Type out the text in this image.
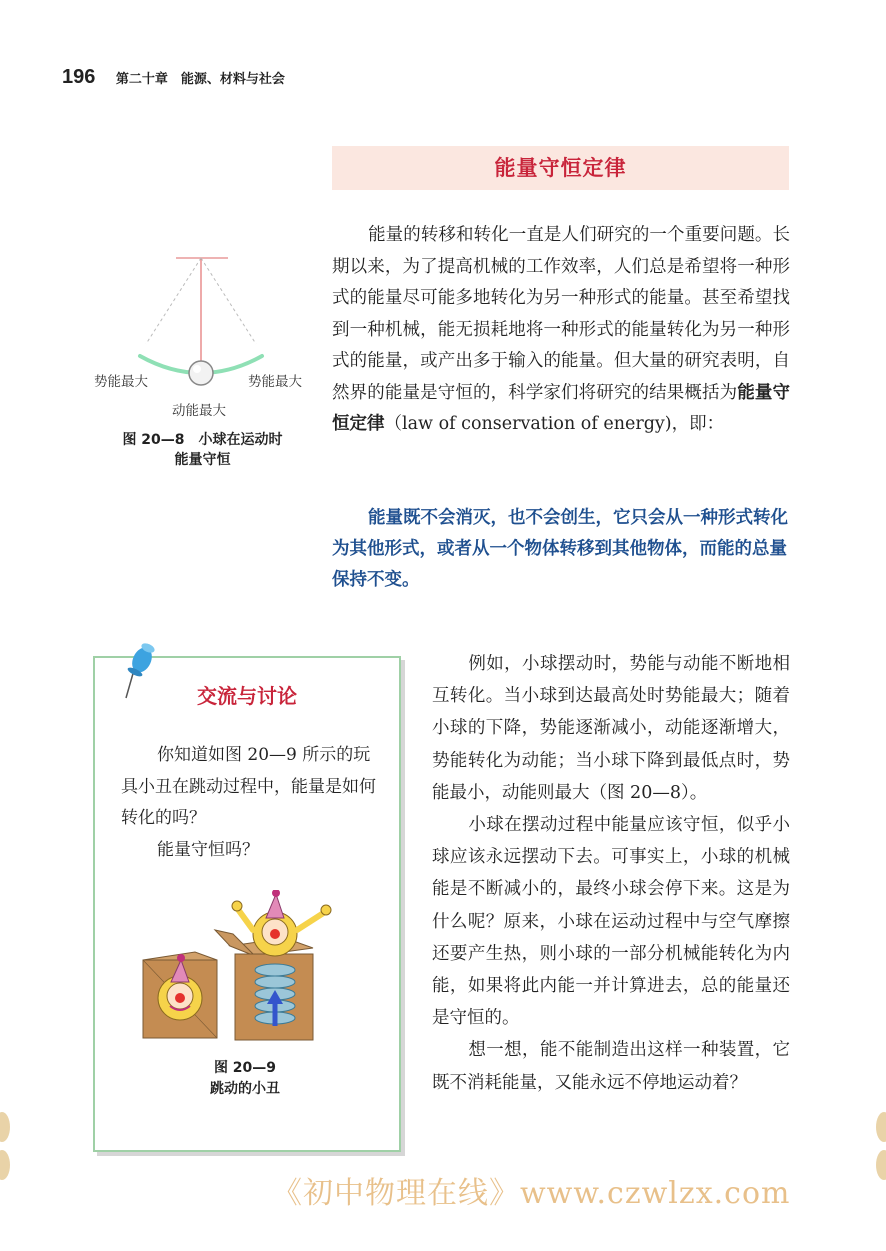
196 第二十章　能源、材料与社会
能量守恒定律
能量的转移和转化一直是人们研究的一个重要问题。长期以来，为了提高机械的工作效率，人们总是希望将一种形式的能量尽可能多地转化为另一种形式的能量。甚至希望找到一种机械，能无损耗地将一种形式的能量转化为另一种形式的能量，或产出多于输入的能量。但大量的研究表明，自然界的能量是守恒的，科学家们将研究的结果概括为能量守恒定律（law of conservation of energy)，即：
能量既不会消灭，也不会创生，它只会从一种形式转化为其他形式，或者从一个物体转移到其他物体，而能的总量保持不变。
势能最大	势能最大
动能最大
图 20—8　小球在运动时
能量守恒
交流与讨论
你知道如图 20—9 所示的玩具小丑在跳动过程中，能量是如何转化的吗？
能量守恒吗？
图 20—9
跳动的小丑

例如，小球摆动时，势能与动能不断地相互转化。当小球到达最高处时势能最大；随着小球的下降，势能逐渐减小，动能逐渐增大，势能转化为动能；当小球下降到最低点时，势能最小，动能则最大（图 20—8）。

小球在摆动过程中能量应该守恒，似乎小球应该永远摆动下去。可事实上，小球的机械能是不断减小的，最终小球会停下来。这是为什么呢？原来，小球在运动过程中与空气摩擦还要产生热，则小球的一部分机械能转化为内能，如果将此内能一并计算进去，总的能量还是守恒的。

想一想，能不能制造出这样一种装置，它既不消耗能量，又能永远不停地运动着？

《初中物理在线》www.czwlzx.com
